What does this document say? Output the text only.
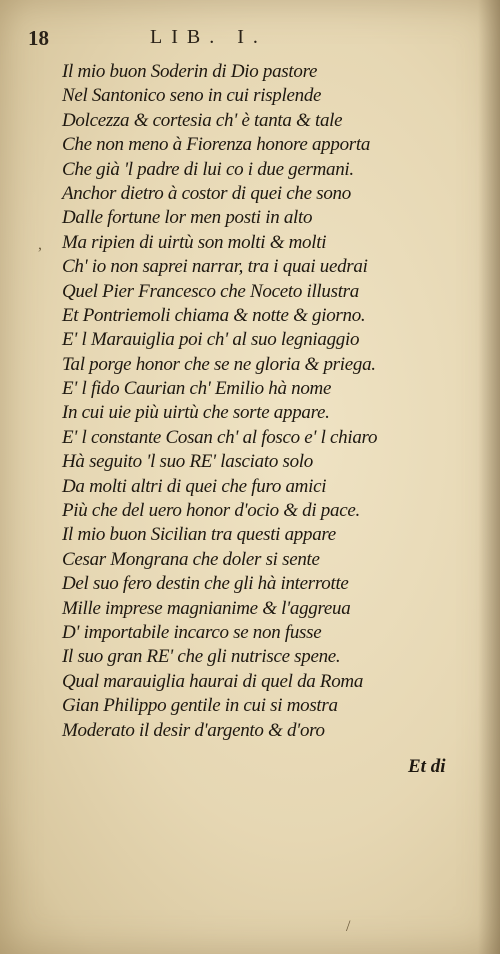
18	LIB. I.
,
/
Il mio buon Soderin di Dio pastore
Nel Santonico seno in cui risplende
Dolcezza & cortesia ch' è tanta & tale
Che non meno à Fiorenza honore apporta
Che già 'l padre di lui co i due germani.
Anchor dietro à costor di quei che sono
Dalle fortune lor men posti in alto
Ma ripien di uirtù son molti & molti
Ch' io non saprei narrar, tra i quai uedrai
Quel Pier Francesco che Noceto illustra
Et Pontriemoli chiama & notte & giorno.
E' l Marauiglia poi ch' al suo legniaggio
Tal porge honor che se ne gloria & priega.
E' l fido Caurian ch' Emilio hà nome
In cui uie più uirtù che sorte appare.
E' l constante Cosan ch' al fosco e' l chiaro
Hà seguito 'l suo RE' lasciato solo
Da molti altri di quei che furo amici
Più che del uero honor d'ocio & di pace.
Il mio buon Sicilian tra questi appare
Cesar Mongrana che doler si sente
Del suo fero destin che gli hà interrotte
Mille imprese magnianime & l'aggreua
D' importabile incarco se non fusse
Il suo gran RE' che gli nutrisce spene.
Qual marauiglia haurai di quel da Roma
Gian Philippo gentile in cui si mostra
Moderato il desir d'argento & d'oro
Et di
